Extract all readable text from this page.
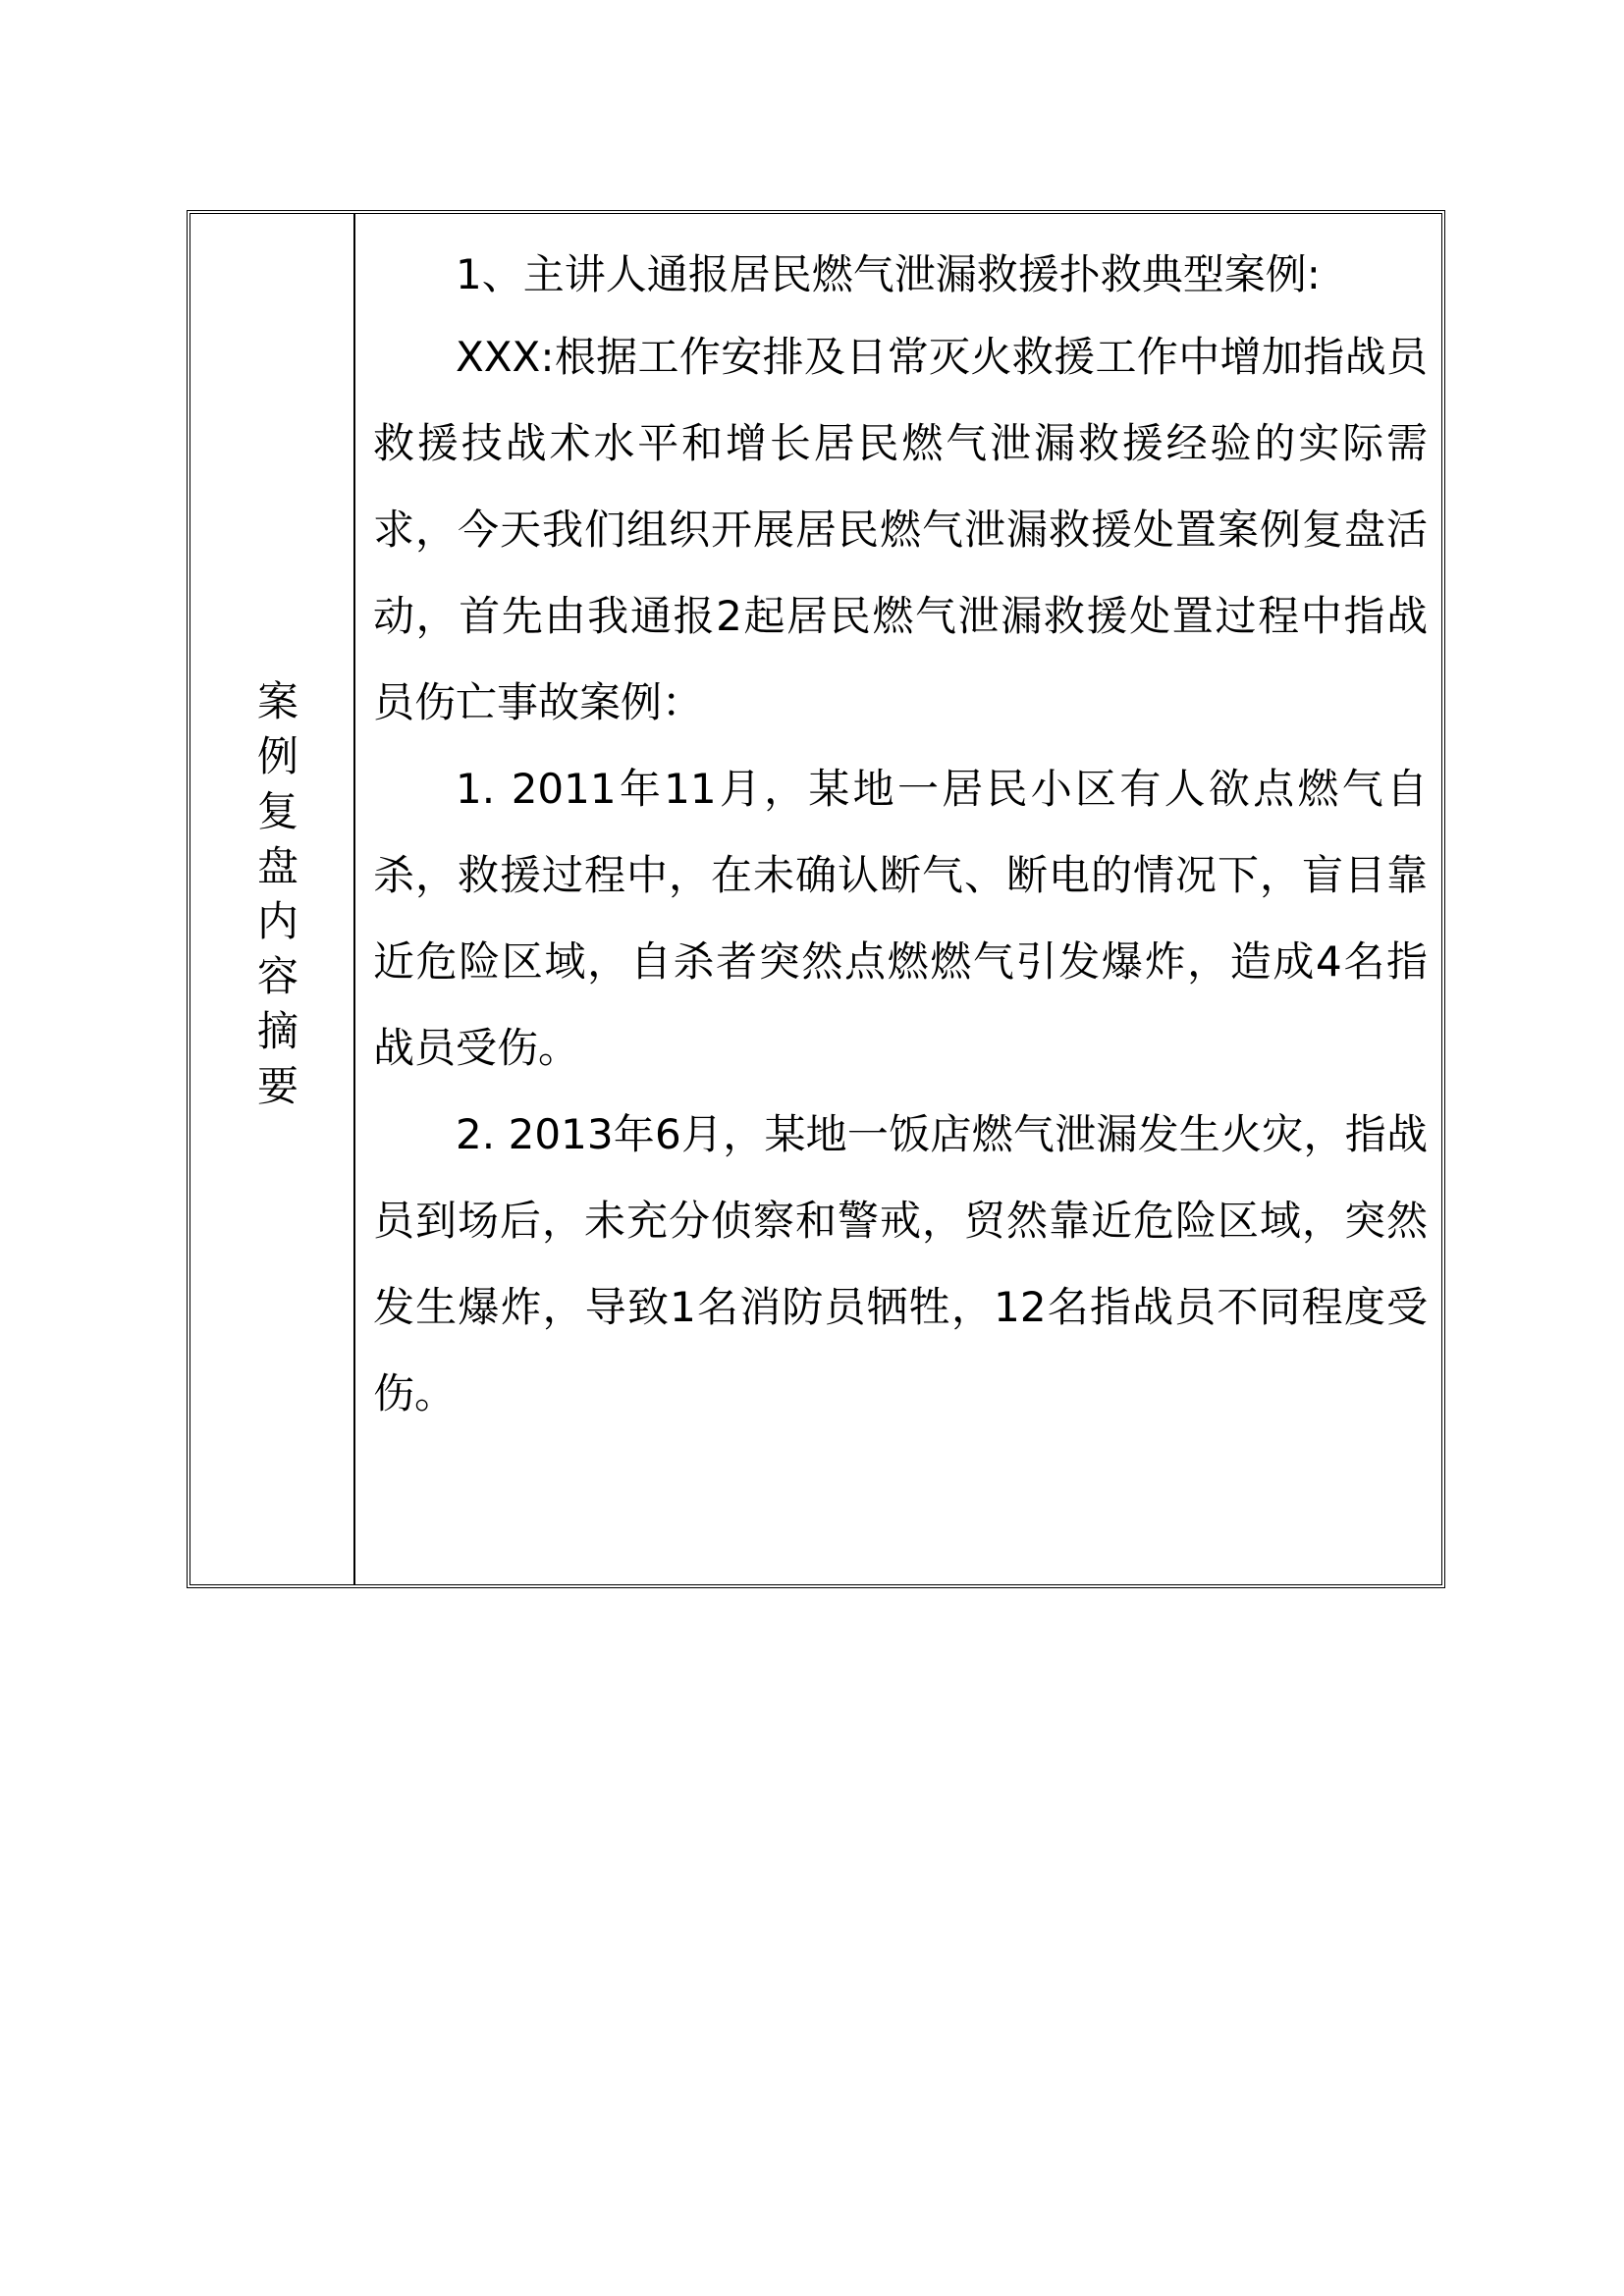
案例复盘内容摘要

1、主讲人通报居民燃气泄漏救援扑救典型案例:

XXX:根据工作安排及日常灭火救援工作中增加指战员救援技战术水平和增长居民燃气泄漏救援经验的实际需求，今天我们组织开展居民燃气泄漏救援处置案例复盘活动，首先由我通报2起居民燃气泄漏救援处置过程中指战员伤亡事故案例：

1. 2011年11月，某地一居民小区有人欲点燃气自杀，救援过程中，在未确认断气、断电的情况下，盲目靠近危险区域，自杀者突然点燃燃气引发爆炸，造成4名指战员受伤。

2. 2013年6月，某地一饭店燃气泄漏发生火灾，指战员到场后，未充分侦察和警戒，贸然靠近危险区域，突然发生爆炸，导致1名消防员牺牲，12名指战员不同程度受伤。
